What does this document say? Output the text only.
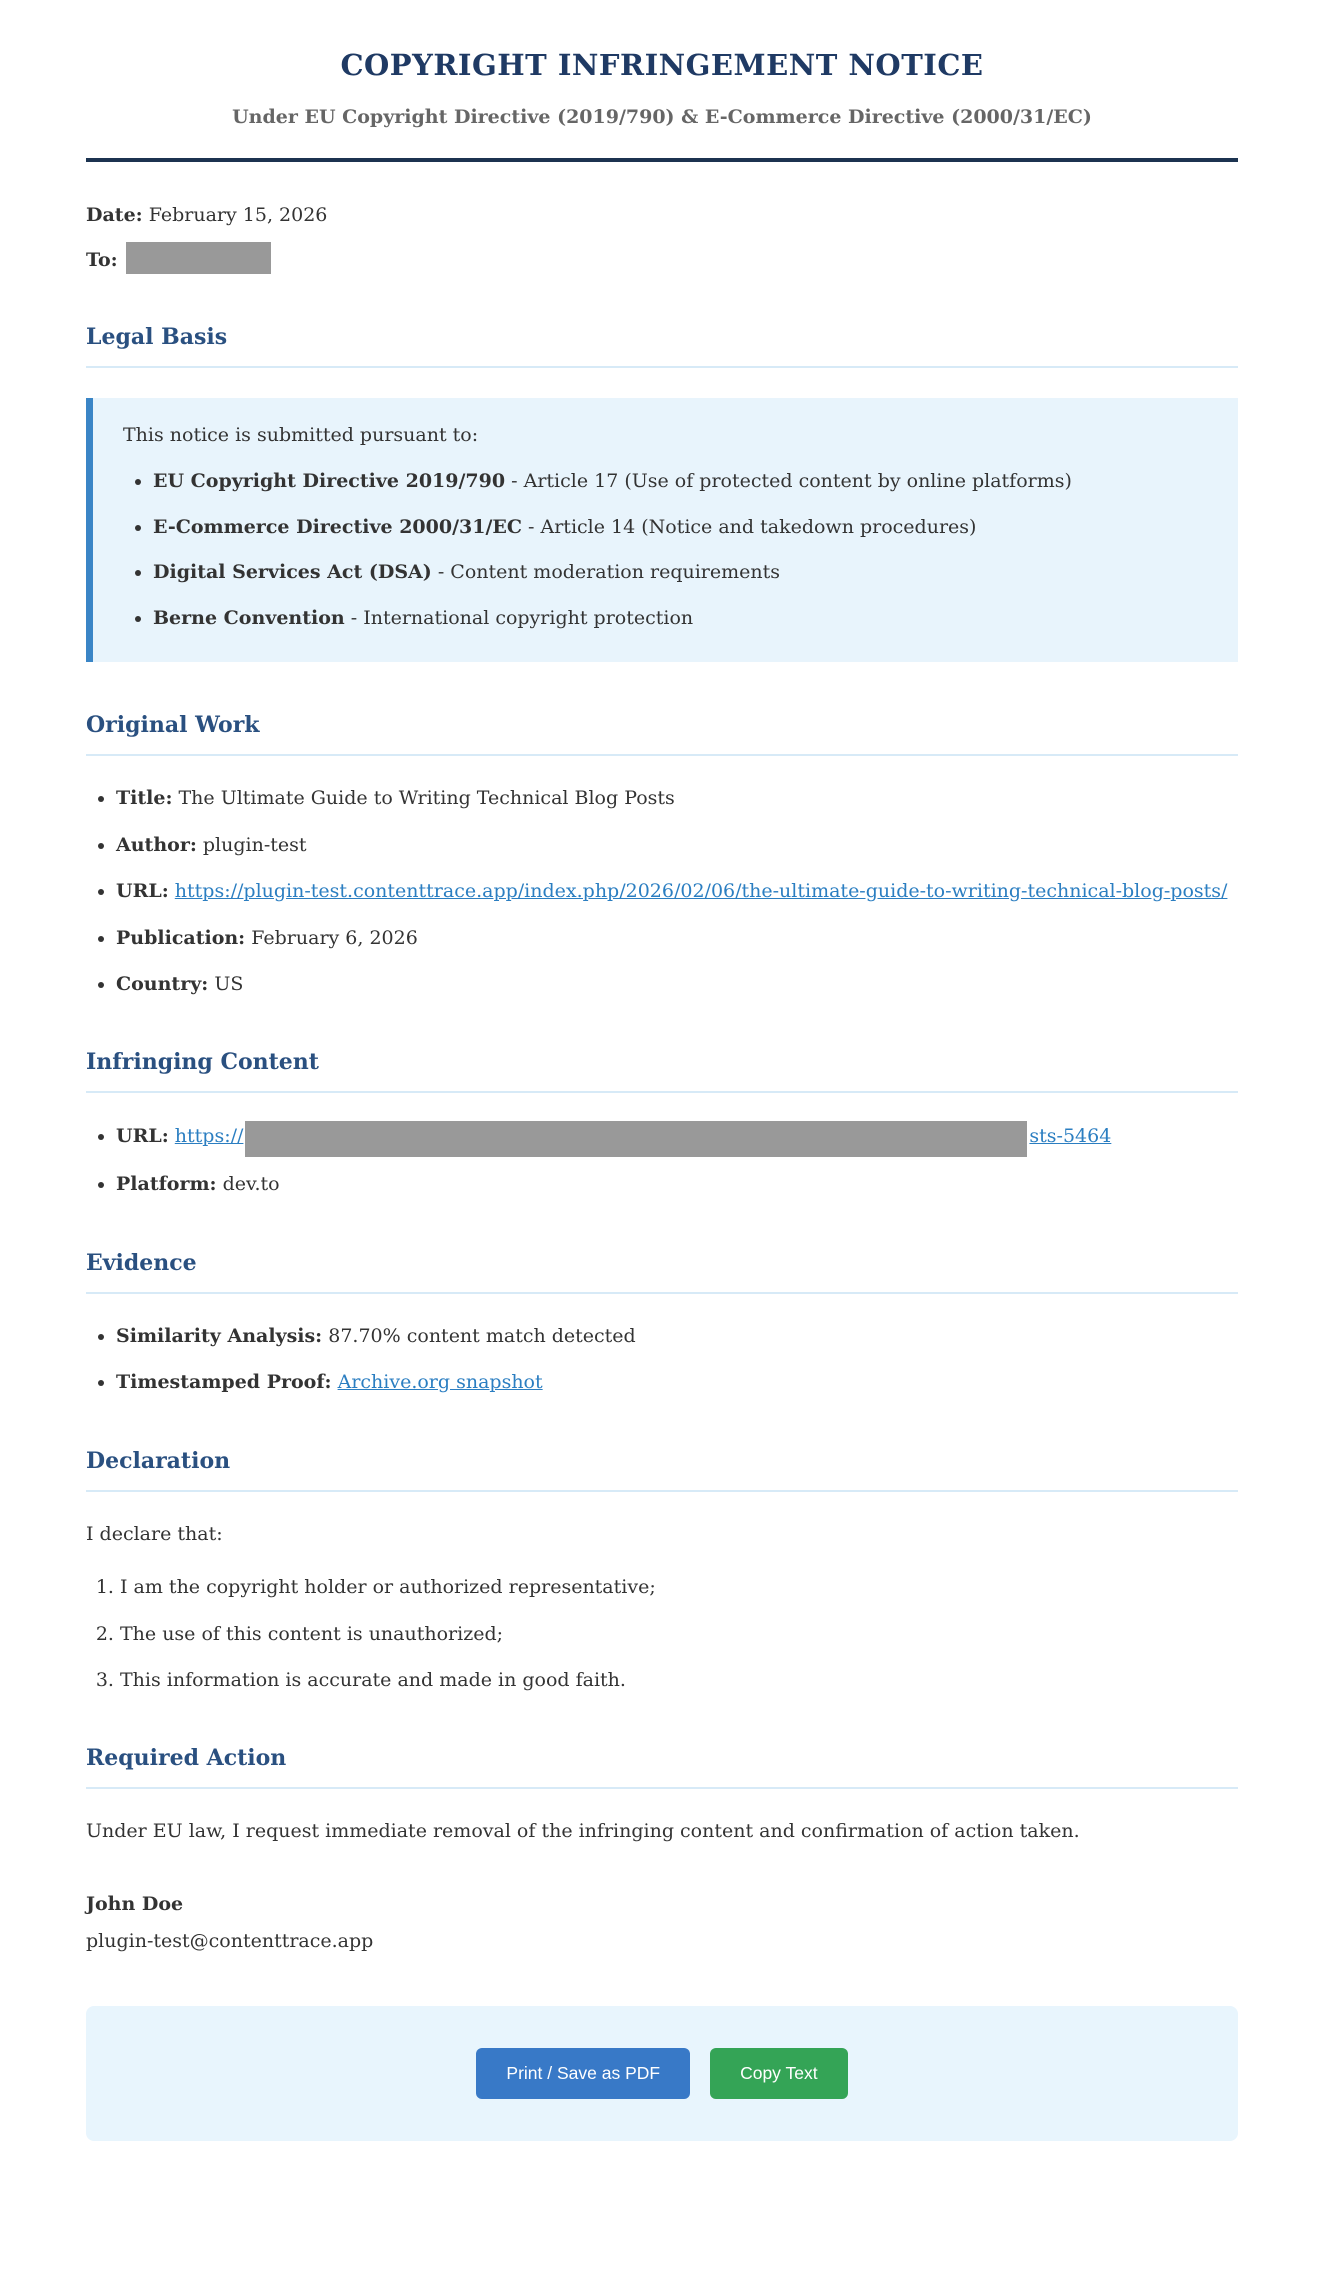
COPYRIGHT INFRINGEMENT NOTICE
Under EU Copyright Directive (2019/790) & E-Commerce Directive (2000/31/EC)

Date: February 15, 2026

To:

Legal Basis

This notice is submitted pursuant to:

• EU Copyright Directive 2019/790 - Article 17 (Use of protected content by online platforms)
• E-Commerce Directive 2000/31/EC - Article 14 (Notice and takedown procedures)
• Digital Services Act (DSA) - Content moderation requirements
• Berne Convention - International copyright protection
Original Work
• Title: The Ultimate Guide to Writing Technical Blog Posts
• Author: plugin-test
• URL: https://plugin-test.contenttrace.app/index.php/2026/02/06/the-ultimate-guide-to-writing-technical-blog-posts/
• Publication: February 6, 2026
• Country: US
Infringing Content
• URL: https://	sts-5464
• Platform: dev.to
Evidence
• Similarity Analysis: 87.70% content match detected
• Timestamped Proof: Archive.org snapshot
Declaration

I declare that:

1. I am the copyright holder or authorized representative;
2. The use of this content is unauthorized;
3. This information is accurate and made in good faith.
Required Action

Under EU law, I request immediate removal of the infringing content and confirmation of action taken.

John Doe
plugin-test@contenttrace.app
Print / Save as PDF	Copy Text
